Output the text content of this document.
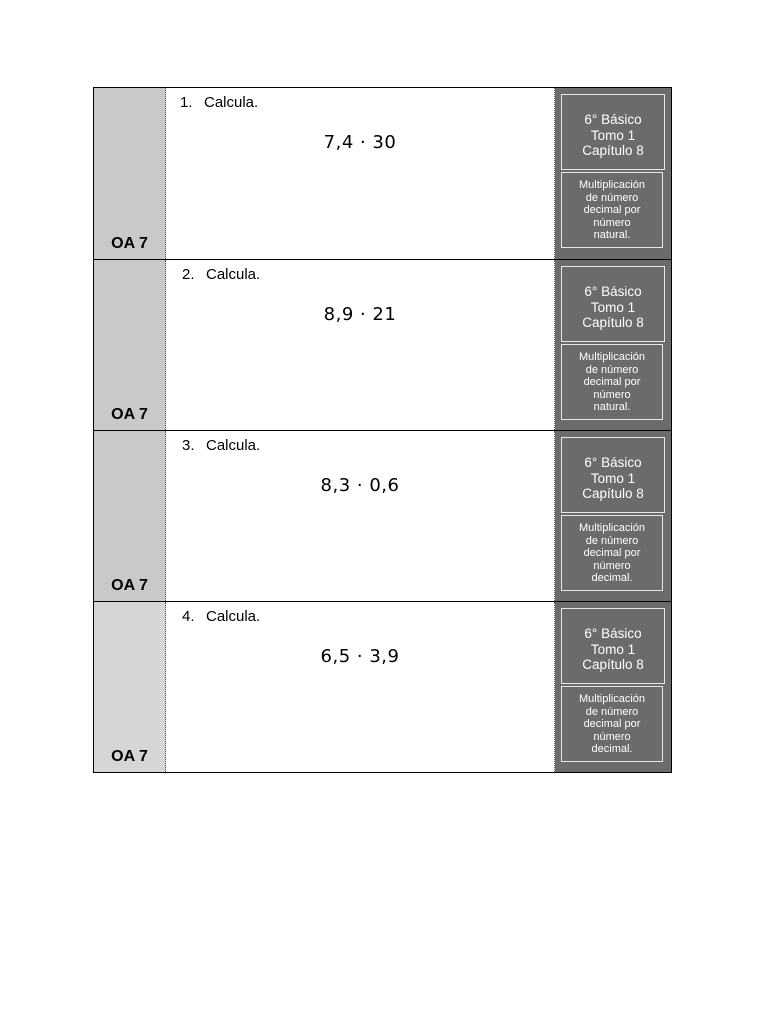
OA 7
1. Calcula.
7,4 · 30
6° Básico
Tomo 1
Capítulo 8
Multiplicación
de número
decimal por
número
natural.
OA 7
2. Calcula.
8,9 · 21
6° Básico
Tomo 1
Capítulo 8
Multiplicación
de número
decimal por
número
natural.
OA 7
3. Calcula.
8,3 · 0,6
6° Básico
Tomo 1
Capítulo 8
Multiplicación
de número
decimal por
número
decimal.
OA 7
4. Calcula.
6,5 · 3,9
6° Básico
Tomo 1
Capítulo 8
Multiplicación
de número
decimal por
número
decimal.
